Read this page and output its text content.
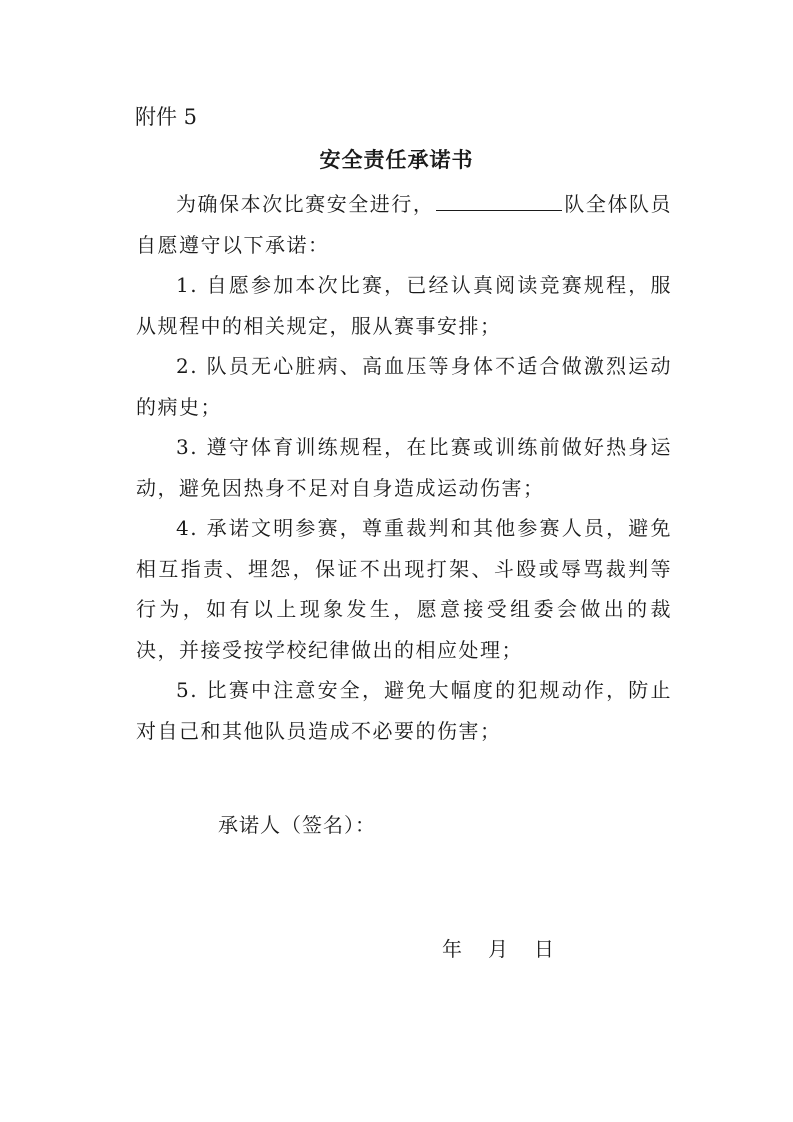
附件 5
安全责任承诺书

为确保本次比赛安全进行，	队全体队员自愿遵守以下承诺：

1. 自愿参加本次比赛，已经认真阅读竞赛规程，服从规程中的相关规定，服从赛事安排；

2. 队员无心脏病、高血压等身体不适合做激烈运动的病史；

3. 遵守体育训练规程，在比赛或训练前做好热身运动，避免因热身不足对自身造成运动伤害；

4. 承诺文明参赛，尊重裁判和其他参赛人员，避免相互指责、埋怨，保证不出现打架、斗殴或辱骂裁判等行为，如有以上现象发生，愿意接受组委会做出的裁决，并接受按学校纪律做出的相应处理；

5. 比赛中注意安全，避免大幅度的犯规动作，防止对自己和其他队员造成不必要的伤害；

承诺人（签名）：
年 月 日
